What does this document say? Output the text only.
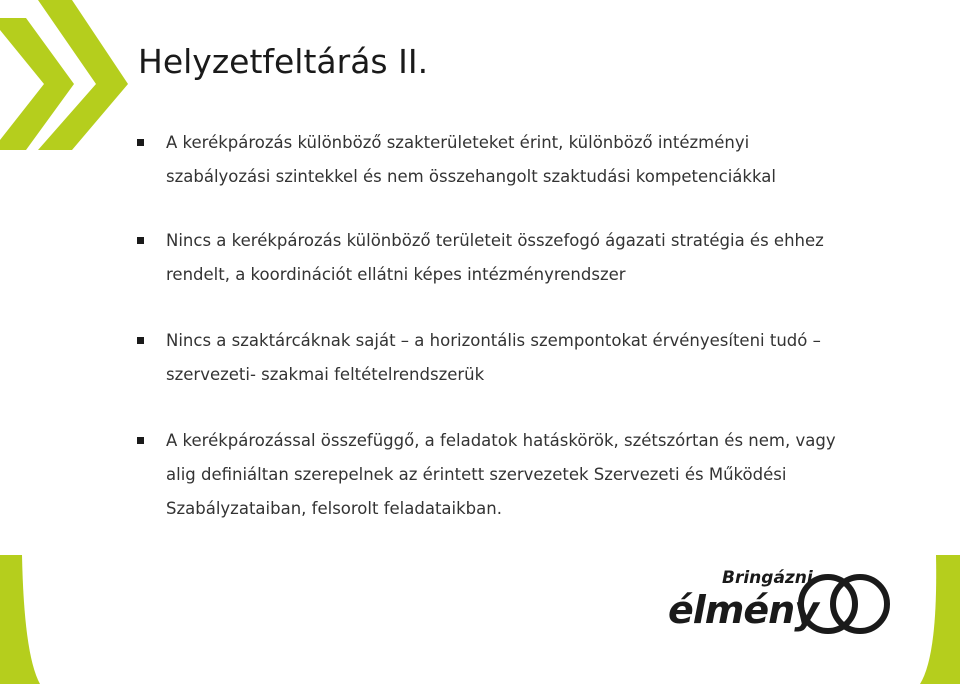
Helyzetfeltárás II.
A kerékpározás különböző szakterületeket érint, különböző intézményi szabályozási szintekkel és nem összehangolt szaktudási kompetenciákkal
Nincs a kerékpározás különböző területeit összefogó ágazati stratégia és ehhez rendelt, a koordinációt ellátni képes intézményrendszer
Nincs a szaktárcáknak saját – a horizontális szempontokat érvényesíteni tudó – szervezeti- szakmai feltételrendszerük
A kerékpározással összefüggő, a feladatok hatáskörök, szétszórtan és nem, vagy alig definiáltan szerepelnek az érintett szervezetek Szervezeti és Működési Szabályzataiban, felsorolt feladataikban.
Bringázni
élmény
